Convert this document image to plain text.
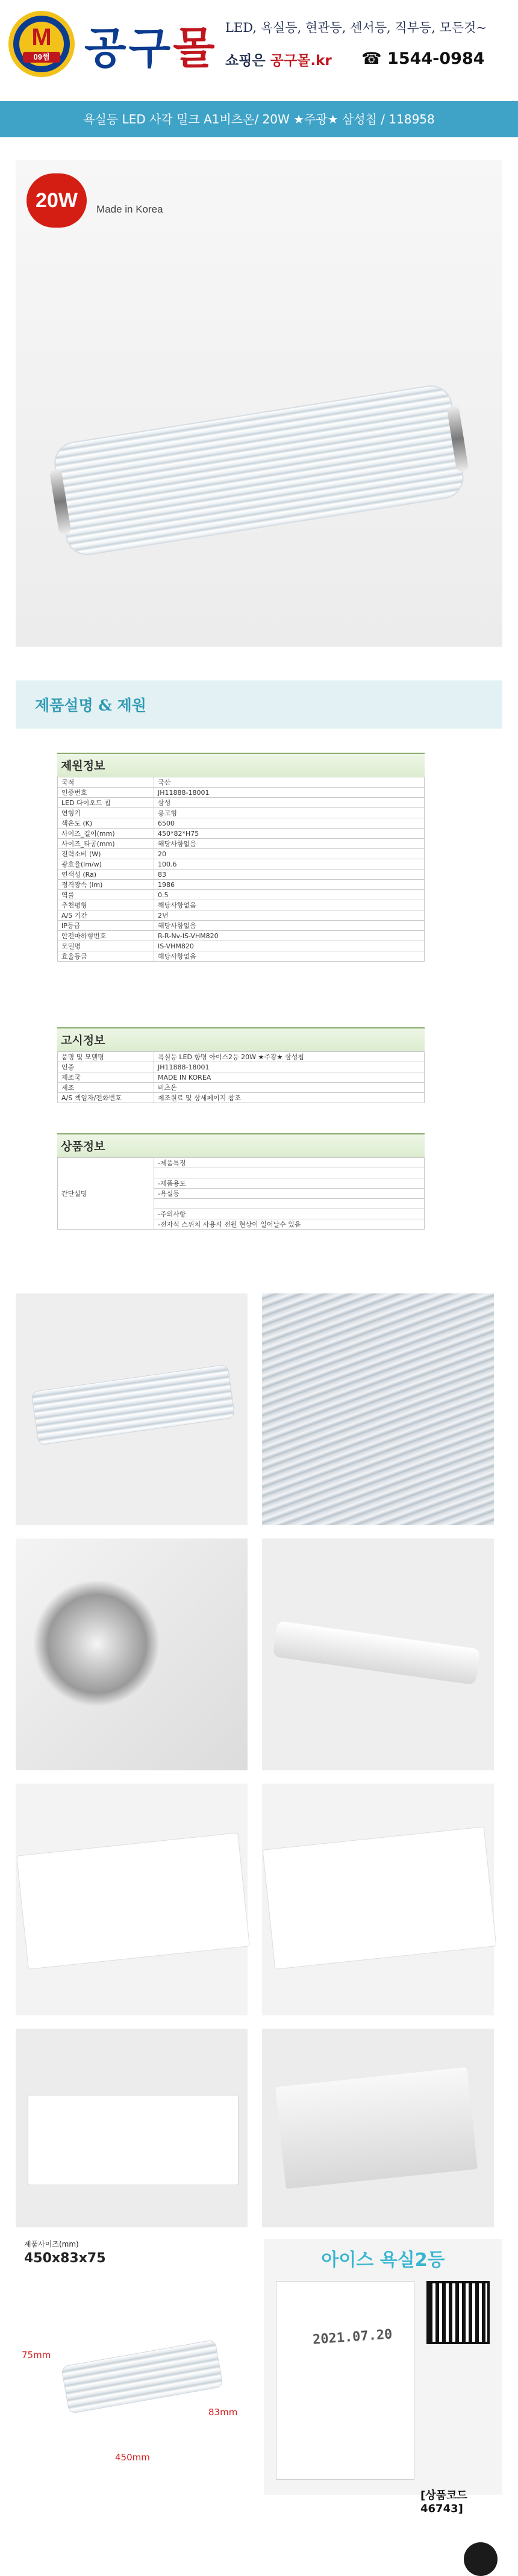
M
09쩜 공구몰 LED, 욕실등, 현관등, 센서등, 직부등, 모든것~
쇼핑은 공구몰.kr ☎ 1544-0984
욕실등 LED 사각 밀크 A1비츠온/ 20W ★주광★ 삼성칩 / 118958
20W	Made in Korea
제품설명 & 제원
제원정보
국적	국산
인증번호	JH11888-18001
LED 다이오드 칩	삼성
연형기	용고형
색온도 (K)	6500
사이즈_길이(mm)	450*82*H75
사이즈_타공(mm)	해당사항없음
전력소비 (W)	20
광효율(lm/w)	100.6
연색성 (Ra)	83
정격광속 (lm)	1986
역률	0.5
추천평형	해당사항없음
A/S 기간	2년
IP등급	해당사항없음
안전마하형번호	R-R-Nv-IS-VHM820
모델명	IS-VHM820
효율등급	해당사항없음
고시정보
품명 및 모델명	욕실등 LED 항명 아이스2등 20W ★주광★ 삼성칩
인증	JH11888-18001
제조국	MADE IN KOREA
제조	비츠온
A/S 책임자/전화번호	제조원료 및 상세페이지 참조
상품정보
간단설명	-제품특징

-제품용도
-욕실등

-주의사항
-전자식 스위치 사용시 전원 현상이 일어날수 있음
제품사이즈(mm)
450x83x75
75mm
450mm
83mm
아이스 욕실2등
2021.07.20
[상품코드 46743]
